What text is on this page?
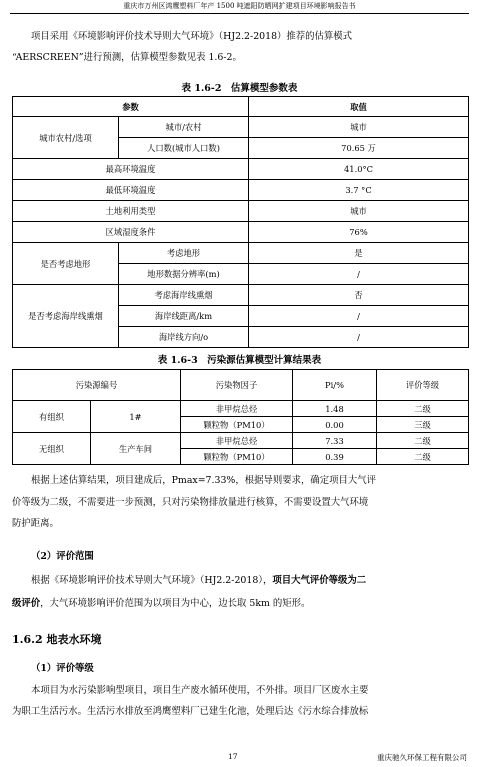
重庆市万州区鸿鹰塑料厂年产 1500 吨遮阳防晒网扩建项目环境影响报告书
项目采用《环境影响评价技术导则大气环境》（HJ2.2-2018）推荐的估算模式
“AERSCREEN”进行预测，估算模型参数见表 1.6-2。
表 1.6-2　估算模型参数表
参数		取值
城市农村/选项	城市/农村	城市
	人口数(城市人口数)	70.65 万
最高环境温度		41.0°C
最低环境温度		3.7 °C
土地利用类型		城市
区域湿度条件		76%
是否考虑地形	考虑地形	是
	地形数据分辨率(m)	/
是否考虑海岸线熏烟	考虑海岸线熏烟	否
	海岸线距离/km	/
	海岸线方向/o	/
表 1.6-3　污染源估算模型计算结果表
污染源编号		污染物因子	Pi/%	评价等级
有组织	1#	非甲烷总烃	1.48	二级
		颗粒物（PM10）	0.00	三级
无组织	生产车间	非甲烷总烃	7.33	二级
		颗粒物（PM10）	0.39	二级
根据上述估算结果，项目建成后，Pmax=7.33%，根据导则要求，确定项目大气评
价等级为二级，不需要进一步预测，只对污染物排放量进行核算，不需要设置大气环境
防护距离。
（2）评价范围
根据《环境影响评价技术导则大气环境》（HJ2.2-2018），项目大气评价等级为二
级评价，大气环境影响评价范围为以项目为中心，边长取 5km 的矩形。
1.6.2 地表水环境
（1）评价等级
本项目为水污染影响型项目，项目生产废水循环使用，不外排。项目厂区废水主要
为职工生活污水。生活污水排放至鸿鹰塑料厂已建生化池，处理后达《污水综合排放标
17	重庆驰久环保工程有限公司
